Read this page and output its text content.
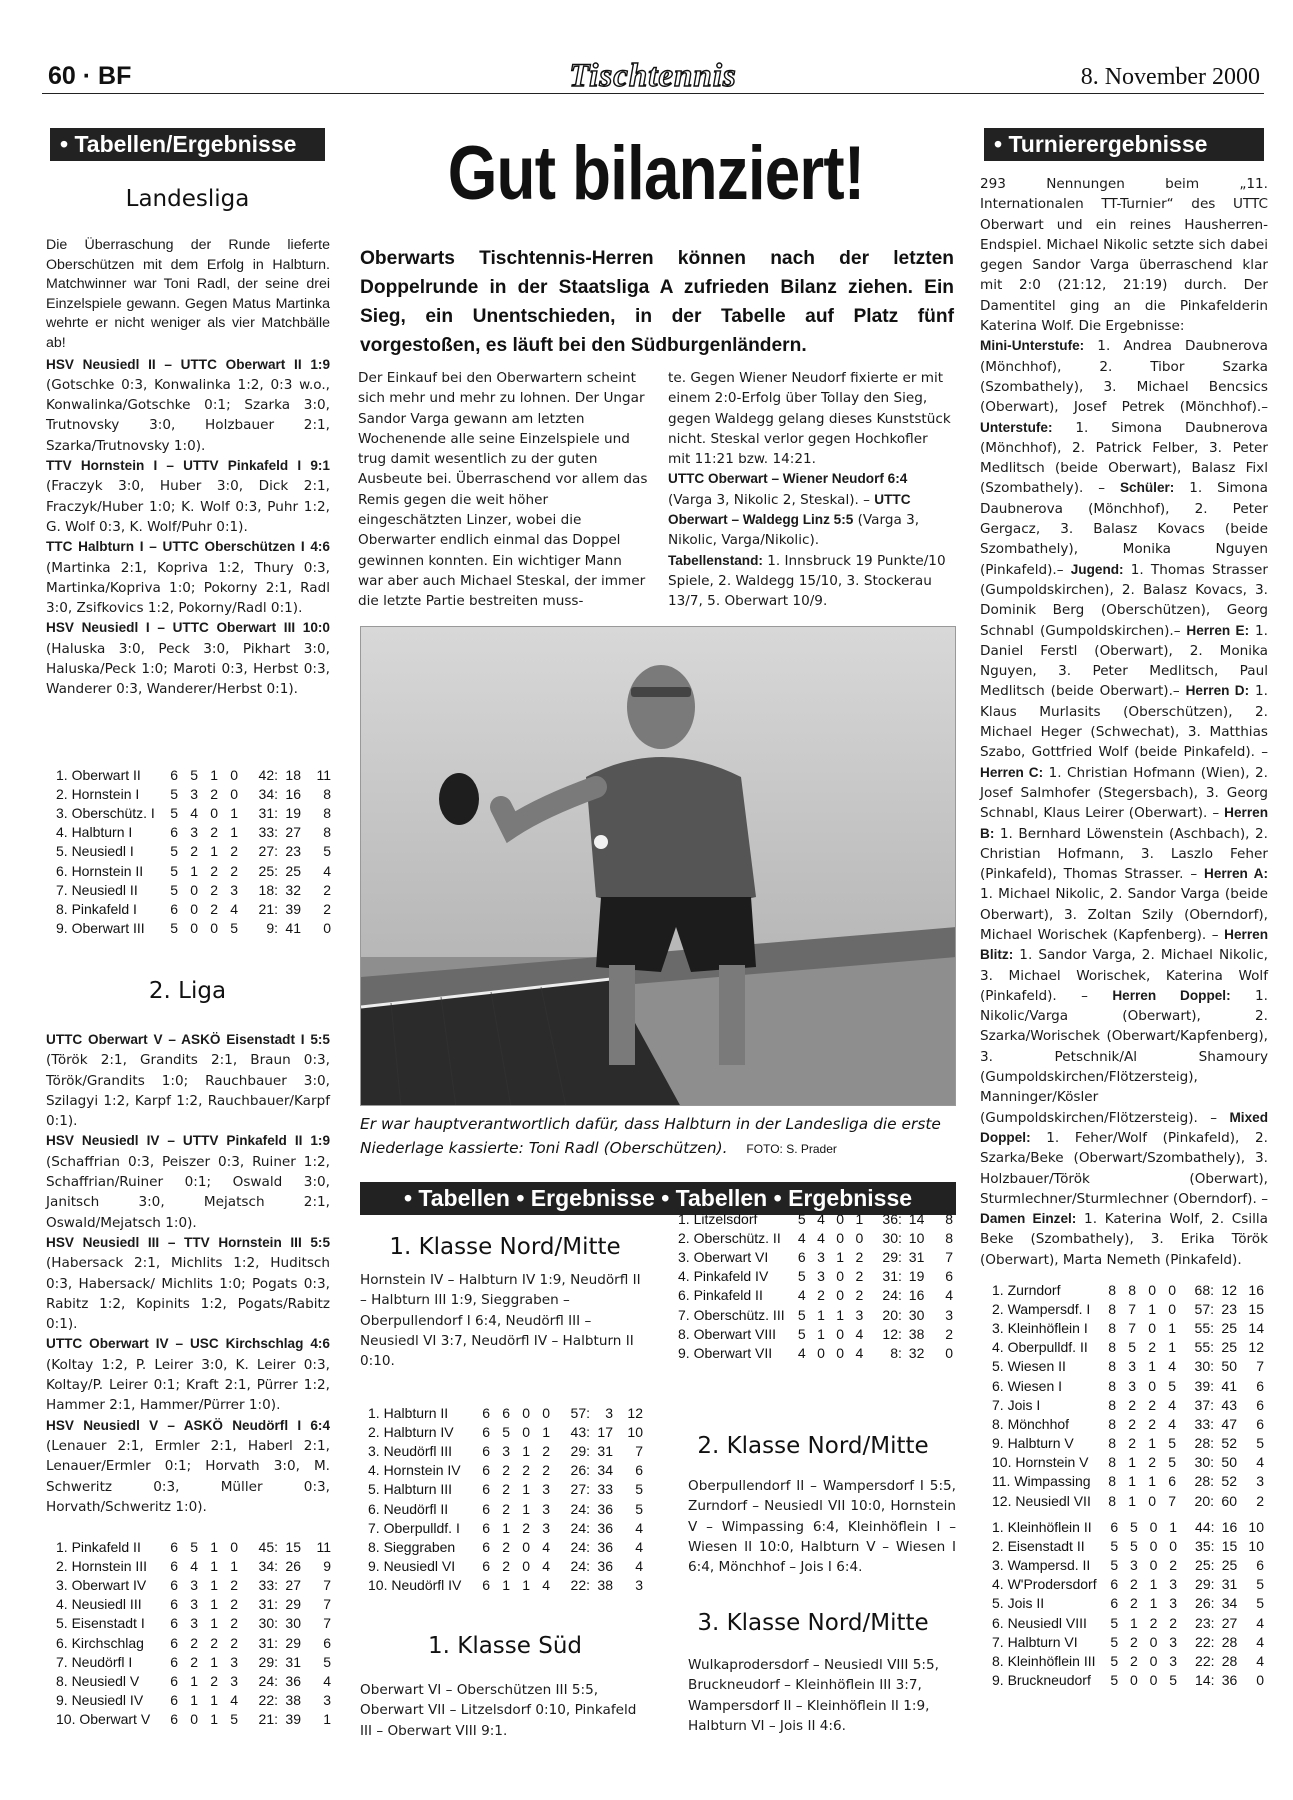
60 · BF	Tischtennis	8. November 2000
• Tabellen/Ergebnisse
Landesliga

Die Überraschung der Runde lieferte Oberschützen mit dem Erfolg in Halbturn. Matchwinner war Toni Radl, der seine drei Einzelspiele gewann. Gegen Matus Martinka wehrte er nicht weniger als vier Matchbälle ab!

HSV Neusiedl II – UTTC Oberwart II 1:9 (Gotschke 0:3, Konwalinka 1:2, 0:3 w.o., Konwalinka/Gotschke 0:1; Szarka 3:0, Trutnovsky 3:0, Holzbauer 2:1, Szarka/Trutnovsky 1:0).

TTV Hornstein I – UTTV Pinkafeld I 9:1 (Fraczyk 3:0, Huber 3:0, Dick 2:1, Fraczyk/Huber 1:0; K. Wolf 0:3, Puhr 1:2, G. Wolf 0:3, K. Wolf/Puhr 0:1).

TTC Halbturn I – UTTC Oberschützen I 4:6 (Martinka 2:1, Kopriva 1:2, Thury 0:3, Martinka/Kopriva 1:0; Pokorny 2:1, Radl 3:0, Zsifkovics 1:2, Pokorny/Radl 0:1).

HSV Neusiedl I – UTTC Oberwart III 10:0 (Haluska 3:0, Peck 3:0, Pikhart 3:0, Haluska/Peck 1:0; Maroti 0:3, Herbst 0:3, Wanderer 0:3, Wanderer/Herbst 0:1).

1. Oberwart II	6	5	1	0	42:	18	11
2. Hornstein I	5	3	2	0	34:	16	8
3. Oberschütz. I	5	4	0	1	31:	19	8
4. Halbturn I	6	3	2	1	33:	27	8
5. Neusiedl I	5	2	1	2	27:	23	5
6. Hornstein II	5	1	2	2	25:	25	4
7. Neusiedl II	5	0	2	3	18:	32	2
8. Pinkafeld I	6	0	2	4	21:	39	2
9. Oberwart III	5	0	0	5	9:	41	0
2. Liga

UTTC Oberwart V – ASKÖ Eisenstadt I 5:5 (Török 2:1, Grandits 2:1, Braun 0:3, Török/Grandits 1:0; Rauchbauer 3:0, Szilagyi 1:2, Karpf 1:2, Rauchbauer/Karpf 0:1).

HSV Neusiedl IV – UTTV Pinkafeld II 1:9 (Schaffrian 0:3, Peiszer 0:3, Ruiner 1:2, Schaffrian/Ruiner 0:1; Oswald 3:0, Janitsch 3:0, Mejatsch 2:1, Oswald/Mejatsch 1:0).

HSV Neusiedl III – TTV Hornstein III 5:5 (Habersack 2:1, Michlits 1:2, Huditsch 0:3, Habersack/ Michlits 1:0; Pogats 0:3, Rabitz 1:2, Kopinits 1:2, Pogats/Rabitz 0:1).

UTTC Oberwart IV – USC Kirchschlag 4:6 (Koltay 1:2, P. Leirer 3:0, K. Leirer 0:3, Koltay/P. Leirer 0:1; Kraft 2:1, Pürrer 1:2, Hammer 2:1, Hammer/Pürrer 1:0).

HSV Neusiedl V – ASKÖ Neudörfl I 6:4 (Lenauer 2:1, Ermler 2:1, Haberl 2:1, Lenauer/Ermler 0:1; Horvath 3:0, M. Schweritz 0:3, Müller 0:3, Horvath/Schweritz 1:0).

1. Pinkafeld II	6	5	1	0	45:	15	11
2. Hornstein III	6	4	1	1	34:	26	9
3. Oberwart IV	6	3	1	2	33:	27	7
4. Neusiedl III	6	3	1	2	31:	29	7
5. Eisenstadt I	6	3	1	2	30:	30	7
6. Kirchschlag	6	2	2	2	31:	29	6
7. Neudörfl I	6	2	1	3	29:	31	5
8. Neusiedl V	6	1	2	3	24:	36	4
9. Neusiedl IV	6	1	1	4	22:	38	3
10. Oberwart V	6	0	1	5	21:	39	1
Gut bilanziert!
Oberwarts Tischtennis-Herren können nach der letzten Doppelrunde in der Staatsliga A zufrieden Bilanz ziehen. Ein Sieg, ein Unentschieden, in der Tabelle auf Platz fünf vorgestoßen, es läuft bei den Südburgenländern.
Der Einkauf bei den Oberwartern scheint sich mehr und mehr zu lohnen. Der Ungar Sandor Varga gewann am letzten Wochenende alle seine Einzelspiele und trug damit wesentlich zu der guten Ausbeute bei. Überraschend vor allem das Remis gegen die weit höher eingeschätzten Linzer, wobei die Oberwarter endlich einmal das Doppel gewinnen konnten. Ein wichtiger Mann war aber auch Michael Steskal, der immer die letzte Partie bestreiten muss-

te. Gegen Wiener Neudorf fixierte er mit einem 2:0-Erfolg über Tollay den Sieg, gegen Waldegg gelang dieses Kunststück nicht. Steskal verlor gegen Hochkofler mit 11:21 bzw. 14:21.

UTTC Oberwart – Wiener Neudorf 6:4 (Varga 3, Nikolic 2, Steskal). – UTTC Oberwart – Waldegg Linz 5:5 (Varga 3, Nikolic, Varga/Nikolic).

Tabellenstand: 1. Innsbruck 19 Punkte/10 Spiele, 2. Waldegg 15/10, 3. Stockerau 13/7, 5. Oberwart 10/9.

Er war hauptverantwortlich dafür, dass Halbturn in der Landesliga die erste Niederlage kassierte: Toni Radl (Oberschützen). FOTO: S. Prader
• Tabellen • Ergebnisse • Tabellen • Ergebnisse
1. Klasse Nord/Mitte
Hornstein IV – Halbturn IV 1:9, Neudörfl II – Halbturn III 1:9, Sieggraben – Oberpullendorf I 6:4, Neudörfl III – Neusiedl VI 3:7, Neudörfl IV – Halbturn II 0:10.
1. Halbturn II	6	6	0	0	57:	3	12
2. Halbturn IV	6	5	0	1	43:	17	10
3. Neudörfl III	6	3	1	2	29:	31	7
4. Hornstein IV	6	2	2	2	26:	34	6
5. Halbturn III	6	2	1	3	27:	33	5
6. Neudörfl II	6	2	1	3	24:	36	5
7. Oberpulldf. I	6	1	2	3	24:	36	4
8. Sieggraben	6	2	0	4	24:	36	4
9. Neusiedl VI	6	2	0	4	24:	36	4
10. Neudörfl IV	6	1	1	4	22:	38	3
1. Klasse Süd
Oberwart VI – Oberschützen III 5:5, Oberwart VII – Litzelsdorf 0:10, Pinkafeld III – Oberwart VIII 9:1.
1. Litzelsdorf	5	4	0	1	36:	14	8
2. Oberschütz. II	4	4	0	0	30:	10	8
3. Oberwart VI	6	3	1	2	29:	31	7
4. Pinkafeld IV	5	3	0	2	31:	19	6
6. Pinkafeld II	4	2	0	2	24:	16	4
7. Oberschütz. III	5	1	1	3	20:	30	3
8. Oberwart VIII	5	1	0	4	12:	38	2
9. Oberwart VII	4	0	0	4	8:	32	0
2. Klasse Nord/Mitte
Oberpullendorf II – Wampersdorf I 5:5, Zurndorf – Neusiedl VII 10:0, Hornstein V – Wimpassing 6:4, Kleinhöflein I – Wiesen II 10:0, Halbturn V – Wiesen I 6:4, Mönchhof – Jois I 6:4.
3. Klasse Nord/Mitte
Wulkaprodersdorf – Neusiedl VIII 5:5, Bruckneudorf – Kleinhöflein III 3:7, Wampersdorf II – Kleinhöflein II 1:9, Halbturn VI – Jois II 4:6.
• Turnierergebnisse

293 Nennungen beim „11. Internationalen TT-Turnier“ des UTTC Oberwart und ein reines Hausherren-Endspiel. Michael Nikolic setzte sich dabei gegen Sandor Varga überraschend klar mit 2:0 (21:12, 21:19) durch. Der Damentitel ging an die Pinkafelderin Katerina Wolf. Die Ergebnisse:

Mini-Unterstufe: 1. Andrea Daubnerova (Mönchhof), 2. Tibor Szarka (Szombathely), 3. Michael Bencsics (Oberwart), Josef Petrek (Mönchhof).– Unterstufe: 1. Simona Daubnerova (Mönchhof), 2. Patrick Felber, 3. Peter Medlitsch (beide Oberwart), Balasz Fixl (Szombathely). – Schüler: 1. Simona Daubnerova (Mönchhof), 2. Peter Gergacz, 3. Balasz Kovacs (beide Szombathely), Monika Nguyen (Pinkafeld).– Jugend: 1. Thomas Strasser (Gumpoldskirchen), 2. Balasz Kovacs, 3. Dominik Berg (Oberschützen), Georg Schnabl (Gumpoldskirchen).– Herren E: 1. Daniel Ferstl (Oberwart), 2. Monika Nguyen, 3. Peter Medlitsch, Paul Medlitsch (beide Oberwart).– Herren D: 1. Klaus Murlasits (Oberschützen), 2. Michael Heger (Schwechat), 3. Matthias Szabo, Gottfried Wolf (beide Pinkafeld). – Herren C: 1. Christian Hofmann (Wien), 2. Josef Salmhofer (Stegersbach), 3. Georg Schnabl, Klaus Leirer (Oberwart). – Herren B: 1. Bernhard Löwenstein (Aschbach), 2. Christian Hofmann, 3. Laszlo Feher (Pinkafeld), Thomas Strasser. – Herren A: 1. Michael Nikolic, 2. Sandor Varga (beide Oberwart), 3. Zoltan Szily (Oberndorf), Michael Worischek (Kapfenberg). – Herren Blitz: 1. Sandor Varga, 2. Michael Nikolic, 3. Michael Worischek, Katerina Wolf (Pinkafeld). – Herren Doppel: 1. Nikolic/Varga (Oberwart), 2. Szarka/Worischek (Oberwart/Kapfenberg), 3. Petschnik/Al Shamoury (Gumpoldskirchen/Flötzersteig), Manninger/Kösler (Gumpoldskirchen/Flötzersteig). – Mixed Doppel: 1. Feher/Wolf (Pinkafeld), 2. Szarka/Beke (Oberwart/Szombathely), 3. Holzbauer/Török (Oberwart), Sturmlechner/Sturmlechner (Oberndorf). – Damen Einzel: 1. Katerina Wolf, 2. Csilla Beke (Szombathely), 3. Erika Török (Oberwart), Marta Nemeth (Pinkafeld).

1. Zurndorf	8	8	0	0	68:	12	16
2. Wampersdf. I	8	7	1	0	57:	23	15
3. Kleinhöflein I	8	7	0	1	55:	25	14
4. Oberpulldf. II	8	5	2	1	55:	25	12
5. Wiesen II	8	3	1	4	30:	50	7
6. Wiesen I	8	3	0	5	39:	41	6
7. Jois I	8	2	2	4	37:	43	6
8. Mönchhof	8	2	2	4	33:	47	6
9. Halbturn V	8	2	1	5	28:	52	5
10. Hornstein V	8	1	2	5	30:	50	4
11. Wimpassing	8	1	1	6	28:	52	3
12. Neusiedl VII	8	1	0	7	20:	60	2
1. Kleinhöflein II	6	5	0	1	44:	16	10
2. Eisenstadt II	5	5	0	0	35:	15	10
3. Wampersd. II	5	3	0	2	25:	25	6
4. W'Prodersdorf	6	2	1	3	29:	31	5
5. Jois II	6	2	1	3	26:	34	5
6. Neusiedl VIII	5	1	2	2	23:	27	4
7. Halbturn VI	5	2	0	3	22:	28	4
8. Kleinhöflein III	5	2	0	3	22:	28	4
9. Bruckneudorf	5	0	0	5	14:	36	0
